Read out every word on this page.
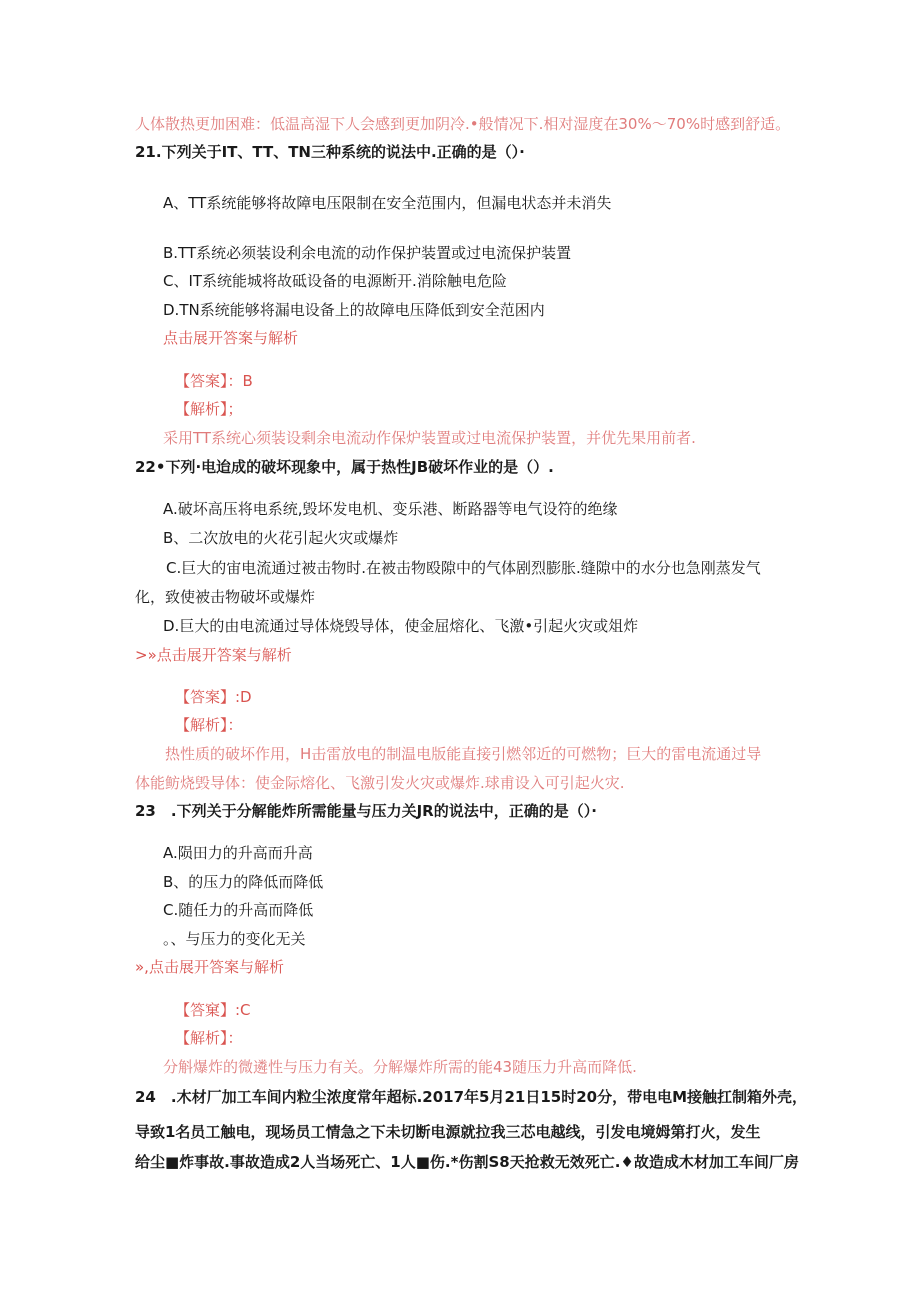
人体散热更加困难：低温高湿下人会感到更加阴冷.•般情况下.相对湿度在30%〜70%时感到舒适。
21.下列关于IT、TT、TN三种系统的说法中.正确的是（）·
A、TT系统能够将故障电压限制在安全范围内，但漏电状态并未消失
B.TT系统必须装设利余电流的动作保护装置或过电流保护装置
C、IT系统能城将故砥设备的电源断开.消除触电危险
D.TN系统能够将漏电设备上的故障电压降低到安全范困内
点击展开答案与解析
【答案】：B
【解析】；
采用TT系统心须装设剩余电流动作保炉装置或过电流保护装置，并优先果用前者.
22•下列·电迨成的破坏现象中，属于热性JB破坏作业的是（）.
A.破坏高压将电系统,毁坏发电机、变乐港、断路器等电气设符的绝缘
B、二次放电的火花引起火灾或爆炸
C.巨大的宙电流通过被击物时.在被击物殴隙中的气体剧烈膨胀.缝隙中的水分也急刚蒸发气
化，致使被击物破坏或爆炸
D.巨大的由电流通过导体烧毁导体，使金屈熔化、飞激•引起火灾或俎炸
>»点击展开答案与解析
【答案】:D
【解析】：
热性质的破坏作用，H击雷放电的制温电版能直接引燃邻近的可燃物；巨大的雷电流通过导
体能鲂烧毁导体：使金际熔化、飞激引发火灾或爆炸.球甫设入可引起火灾.
23　.下列关于分解能炸所需能量与压力关JR的说法中，正确的是（）·
A.陨田力的升高而升高
B、的压力的降低而降低
C.随任力的升高而降低
。、与压力的变化无关
»,点击展开答案与解析
【答窠】:C
【解析】：
分斛爆炸的微遴性与压力有关。分解爆炸所需的能43随压力升高而降低.
24　.木材厂加工车间内粒尘浓度常年超标.2017年5月21日15时20分，带电电M接触扛制箱外壳，
导致1名员工触电，现场员工情急之下未切断电源就拉我三芯电越线，引发电境姆第打火，发生
给尘■炸事故.事故造成2人当场死亡、1人■伤.*伤割S8天抢救无效死亡.♦故造成木材加工车间厂房
